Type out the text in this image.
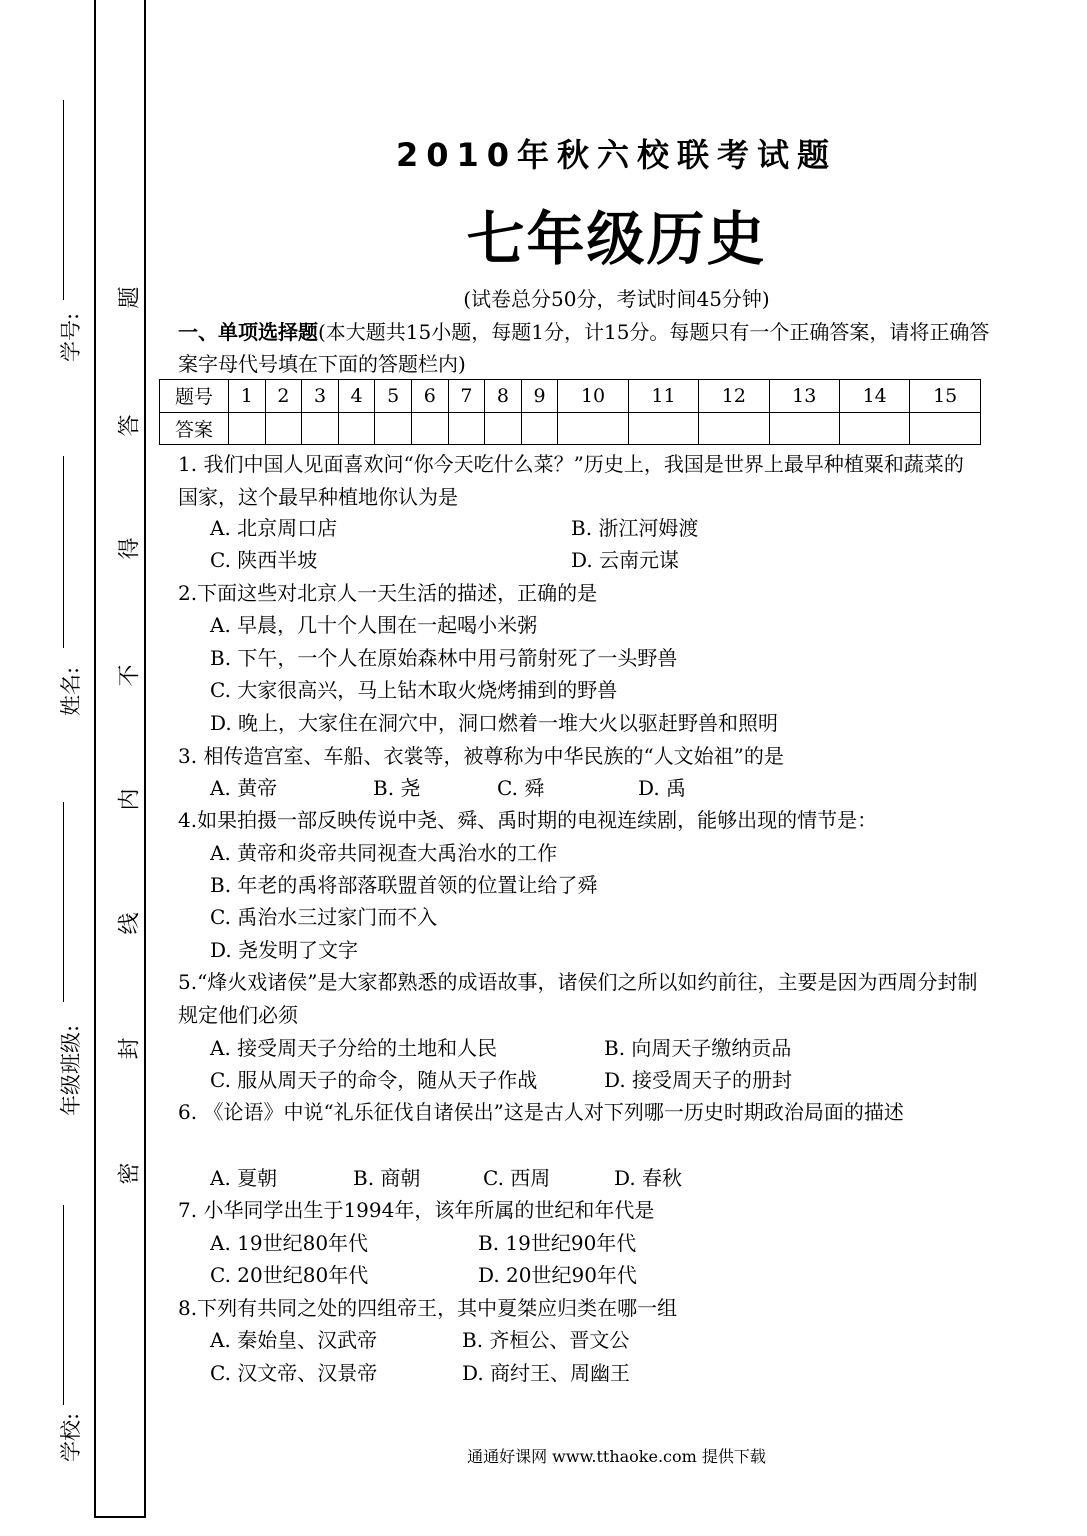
题
答
得
不
内
线
封
密
学号:
姓名:
年级班级:
学校:
2010年秋六校联考试题
七年级历史
(试卷总分50分，考试时间45分钟)
一、单项选择题(本大题共15小题，每题1分，计15分。每题只有一个正确答案，请将正确答案字母代号填在下面的答题栏内)
题号	1	2	3	4	5	6	7	8	9	10	11	12	13	14	15
答案															
1. 我们中国人见面喜欢问“你今天吃什么菜？”历史上，我国是世界上最早种植粟和蔬菜的国家，这个最早种植地你认为是
A. 北京周口店	B. 浙江河姆渡
C. 陕西半坡	D. 云南元谋
2.下面这些对北京人一天生活的描述，正确的是
A. 早晨，几十个人围在一起喝小米粥
B. 下午，一个人在原始森林中用弓箭射死了一头野兽
C. 大家很高兴，马上钻木取火烧烤捕到的野兽
D. 晚上，大家住在洞穴中，洞口燃着一堆大火以驱赶野兽和照明
3. 相传造宫室、车船、衣裳等，被尊称为中华民族的“人文始祖”的是
A. 黄帝	B. 尧	C. 舜	D. 禹
4.如果拍摄一部反映传说中尧、舜、禹时期的电视连续剧，能够出现的情节是：
A. 黄帝和炎帝共同视查大禹治水的工作
B. 年老的禹将部落联盟首领的位置让给了舜
C. 禹治水三过家门而不入
D. 尧发明了文字
5.“烽火戏诸侯”是大家都熟悉的成语故事，诸侯们之所以如约前往，主要是因为西周分封制规定他们必须
A. 接受周天子分给的土地和人民	B. 向周天子缴纳贡品
C. 服从周天子的命令，随从天子作战	D. 接受周天子的册封
6. 《论语》中说“礼乐征伐自诸侯出”这是古人对下列哪一历史时期政治局面的描述
A. 夏朝	B. 商朝	C. 西周	D. 春秋
7. 小华同学出生于1994年，该年所属的世纪和年代是
A. 19世纪80年代	B. 19世纪90年代
C. 20世纪80年代	D. 20世纪90年代
8.下列有共同之处的四组帝王，其中夏桀应归类在哪一组
A. 秦始皇、汉武帝	B. 齐桓公、晋文公
C. 汉文帝、汉景帝	D. 商纣王、周幽王
通通好课网 www.tthaoke.com 提供下载
